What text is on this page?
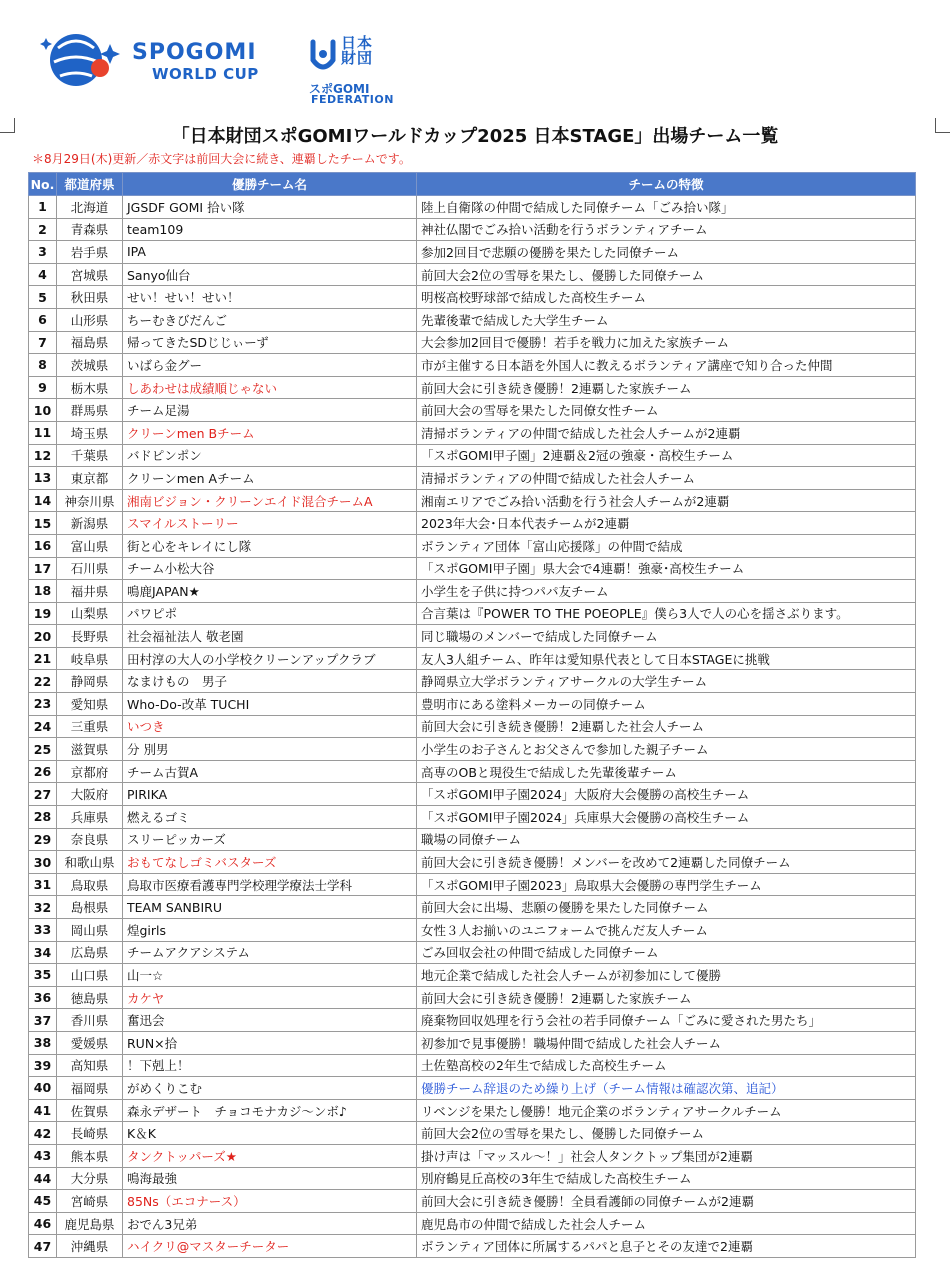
SPOGOMI
WORLD CUP
日本財団
スポGOMI
FEDERATION
「日本財団スポGOMIワールドカップ2025 日本STAGE」出場チーム一覧
＊8月29日(木)更新／赤文字は前回大会に続き、連覇したチームです。
No.	都道府県	優勝チーム名	チームの特徴
1	北海道	JGSDF GOMI 拾い隊	陸上自衛隊の仲間で結成した同僚チーム「ごみ拾い隊」
2	青森県	team109	神社仏閣でごみ拾い活動を行うボランティアチーム
3	岩手県	IPA	参加2回目で悲願の優勝を果たした同僚チーム
4	宮城県	Sanyo仙台	前回大会2位の雪辱を果たし、優勝した同僚チーム
5	秋田県	せい！せい！せい！	明桜高校野球部で結成した高校生チーム
6	山形県	ちーむきびだんご	先輩後輩で結成した大学生チーム
7	福島県	帰ってきたSDじじぃーず	大会参加2回目で優勝！若手を戦力に加えた家族チーム
8	茨城県	いばら金グー	市が主催する日本語を外国人に教えるボランティア講座で知り合った仲間
9	栃木県	しあわせは成績順じゃない	前回大会に引き続き優勝！2連覇した家族チーム
10	群馬県	チーム足湯	前回大会の雪辱を果たした同僚女性チーム
11	埼玉県	クリーンmen Bチーム	清掃ボランティアの仲間で結成した社会人チームが2連覇
12	千葉県	バドピンポン	「スポGOMI甲子園」2連覇＆2冠の強豪・高校生チーム
13	東京都	クリーンmen Aチーム	清掃ボランティアの仲間で結成した社会人チーム
14	神奈川県	湘南ビジョン・クリーンエイド混合チームA	湘南エリアでごみ拾い活動を行う社会人チームが2連覇
15	新潟県	スマイルストーリー	2023年大会･日本代表チームが2連覇
16	富山県	街と心をキレイにし隊	ボランティア団体「富山応援隊」の仲間で結成
17	石川県	チーム小松大谷	「スポGOMI甲子園」県大会で4連覇！強豪･高校生チーム
18	福井県	鳴鹿JAPAN★	小学生を子供に持つパパ友チーム
19	山梨県	パワピポ	合言葉は『POWER TO THE POEOPLE』僕ら3人で人の心を揺さぶります。
20	長野県	社会福祉法人 敬老園	同じ職場のメンバーで結成した同僚チーム
21	岐阜県	田村淳の大人の小学校クリーンアップクラブ	友人3人組チーム、昨年は愛知県代表として日本STAGEに挑戦
22	静岡県	なまけもの　男子	静岡県立大学ボランティアサークルの大学生チーム
23	愛知県	Who-Do-改革 TUCHI	豊明市にある塗料メーカーの同僚チーム
24	三重県	いつき	前回大会に引き続き優勝！2連覇した社会人チーム
25	滋賀県	分 別男	小学生のお子さんとお父さんで参加した親子チーム
26	京都府	チーム古賀A	高専のOBと現役生で結成した先輩後輩チーム
27	大阪府	PIRIKA	「スポGOMI甲子園2024」大阪府大会優勝の高校生チーム
28	兵庫県	燃えるゴミ	「スポGOMI甲子園2024」兵庫県大会優勝の高校生チーム
29	奈良県	スリーピッカーズ	職場の同僚チーム
30	和歌山県	おもてなしゴミバスターズ	前回大会に引き続き優勝！メンバーを改めて2連覇した同僚チーム
31	鳥取県	鳥取市医療看護専門学校理学療法士学科	「スポGOMI甲子園2023」鳥取県大会優勝の専門学生チーム
32	島根県	TEAM SANBIRU	前回大会に出場、悲願の優勝を果たした同僚チーム
33	岡山県	煌girls	女性３人お揃いのユニフォームで挑んだ友人チーム
34	広島県	チームアクアシステム	ごみ回収会社の仲間で結成した同僚チーム
35	山口県	山一☆	地元企業で結成した社会人チームが初参加にして優勝
36	徳島県	カケヤ	前回大会に引き続き優勝！2連覇した家族チーム
37	香川県	奮迅会	廃棄物回収処理を行う会社の若手同僚チーム「ごみに愛された男たち」
38	愛媛県	RUN×拾	初参加で見事優勝！職場仲間で結成した社会人チーム
39	高知県	！下剋上！	土佐塾高校の2年生で結成した高校生チーム
40	福岡県	がめくりこむ	優勝チーム辞退のため繰り上げ（チーム情報は確認次第、追記）
41	佐賀県	森永デザート　チョコモナカジ～ンボ♪	リベンジを果たし優勝！地元企業のボランティアサークルチーム
42	長崎県	K＆K	前回大会2位の雪辱を果たし、優勝した同僚チーム
43	熊本県	タンクトッパーズ★	掛け声は「マッスル～！」社会人タンクトップ集団が2連覇
44	大分県	鳴海最強	別府鶴見丘高校の3年生で結成した高校生チーム
45	宮崎県	85Ns（エコナース）	前回大会に引き続き優勝！全員看護師の同僚チームが2連覇
46	鹿児島県	おでん3兄弟	鹿児島市の仲間で結成した社会人チーム
47	沖縄県	ハイクリ@マスターチーター	ボランティア団体に所属するパパと息子とその友達で2連覇
